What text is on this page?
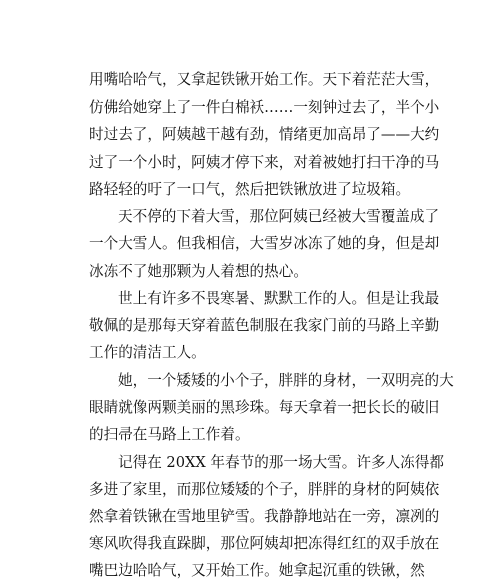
用嘴哈哈气，又拿起铁锹开始工作。天下着茫茫大雪，
仿佛给她穿上了一件白棉袄……一刻钟过去了，半个小
时过去了，阿姨越干越有劲，情绪更加高昂了——大约
过了一个小时，阿姨才停下来，对着被她打扫干净的马
路轻轻的吁了一口气，然后把铁锹放进了垃圾箱。
天不停的下着大雪，那位阿姨已经被大雪覆盖成了
一个大雪人。但我相信，大雪岁冰冻了她的身，但是却
冰冻不了她那颗为人着想的热心。
世上有许多不畏寒暑、默默工作的人。但是让我最
敬佩的是那每天穿着蓝色制服在我家门前的马路上辛勤
工作的清洁工人。
她，一个矮矮的小个子，胖胖的身材，一双明亮的大
眼睛就像两颗美丽的黑珍珠。每天拿着一把长长的破旧
的扫帚在马路上工作着。
记得在 20XX 年春节的那一场大雪。许多人冻得都
多进了家里，而那位矮矮的个子，胖胖的身材的阿姨依
然拿着铁锹在雪地里铲雪。我静静地站在一旁，凛冽的
寒风吹得我直跺脚，那位阿姨却把冻得红红的双手放在
嘴巴边哈哈气，又开始工作。她拿起沉重的铁锹，然
